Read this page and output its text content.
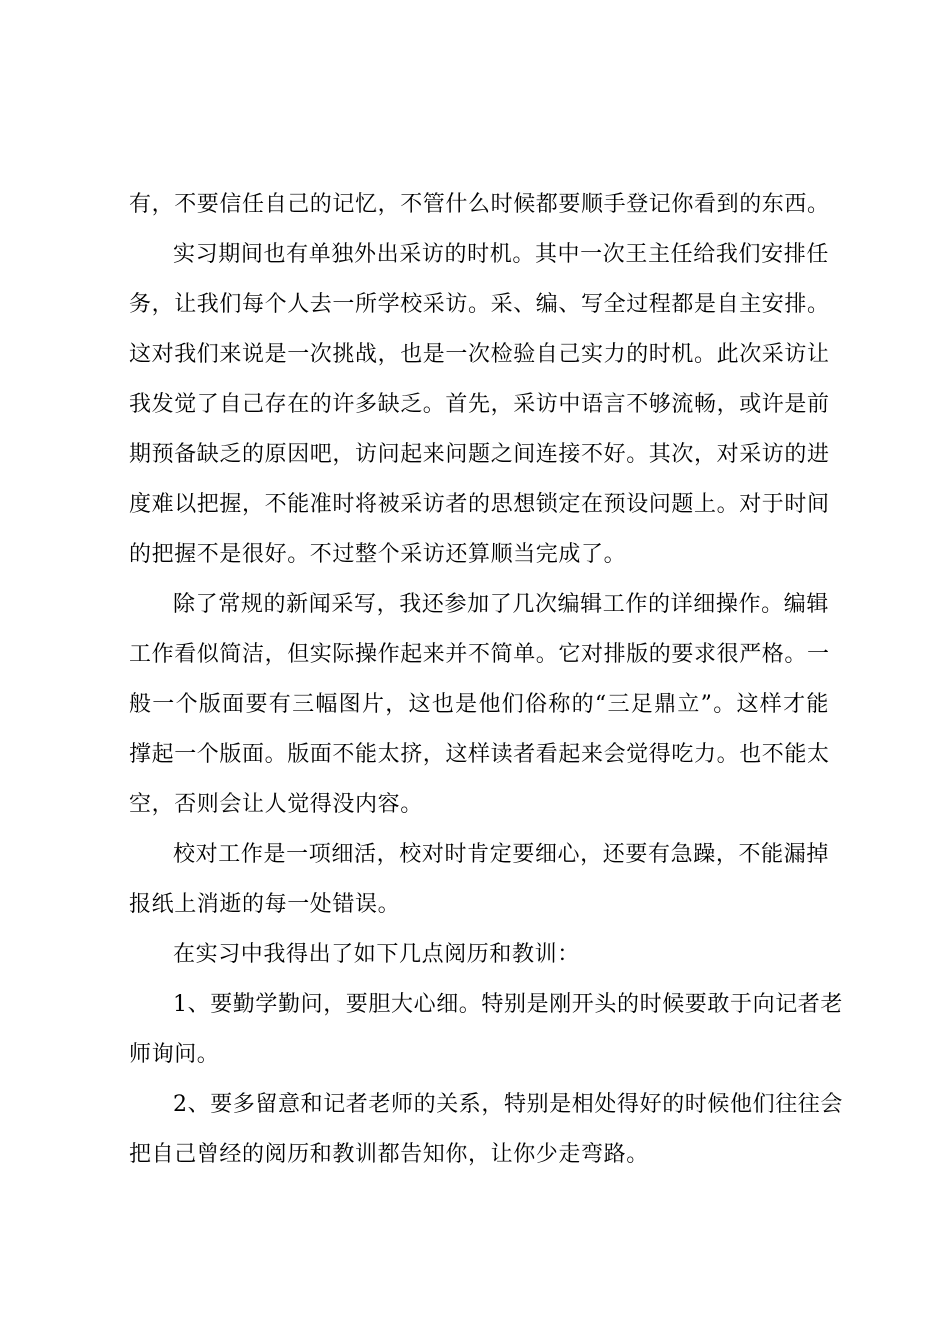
有，不要信任自己的记忆，不管什么时候都要顺手登记你看到的东西。

实习期间也有单独外出采访的时机。其中一次王主任给我们安排任
务，让我们每个人去一所学校采访。采、编、写全过程都是自主安排。
这对我们来说是一次挑战，也是一次检验自己实力的时机。此次采访让
我发觉了自己存在的许多缺乏。首先，采访中语言不够流畅，或许是前
期预备缺乏的原因吧，访问起来问题之间连接不好。其次，对采访的进
度难以把握，不能准时将被采访者的思想锁定在预设问题上。对于时间
的把握不是很好。不过整个采访还算顺当完成了。

除了常规的新闻采写，我还参加了几次编辑工作的详细操作。编辑
工作看似简洁，但实际操作起来并不简单。它对排版的要求很严格。一
般一个版面要有三幅图片，这也是他们俗称的“三足鼎立”。这样才能
撑起一个版面。版面不能太挤，这样读者看起来会觉得吃力。也不能太
空，否则会让人觉得没内容。

校对工作是一项细活，校对时肯定要细心，还要有急躁，不能漏掉
报纸上消逝的每一处错误。

在实习中我得出了如下几点阅历和教训：

1、要勤学勤问，要胆大心细。特别是刚开头的时候要敢于向记者老
师询问。

2、要多留意和记者老师的关系，特别是相处得好的时候他们往往会
把自己曾经的阅历和教训都告知你，让你少走弯路。
